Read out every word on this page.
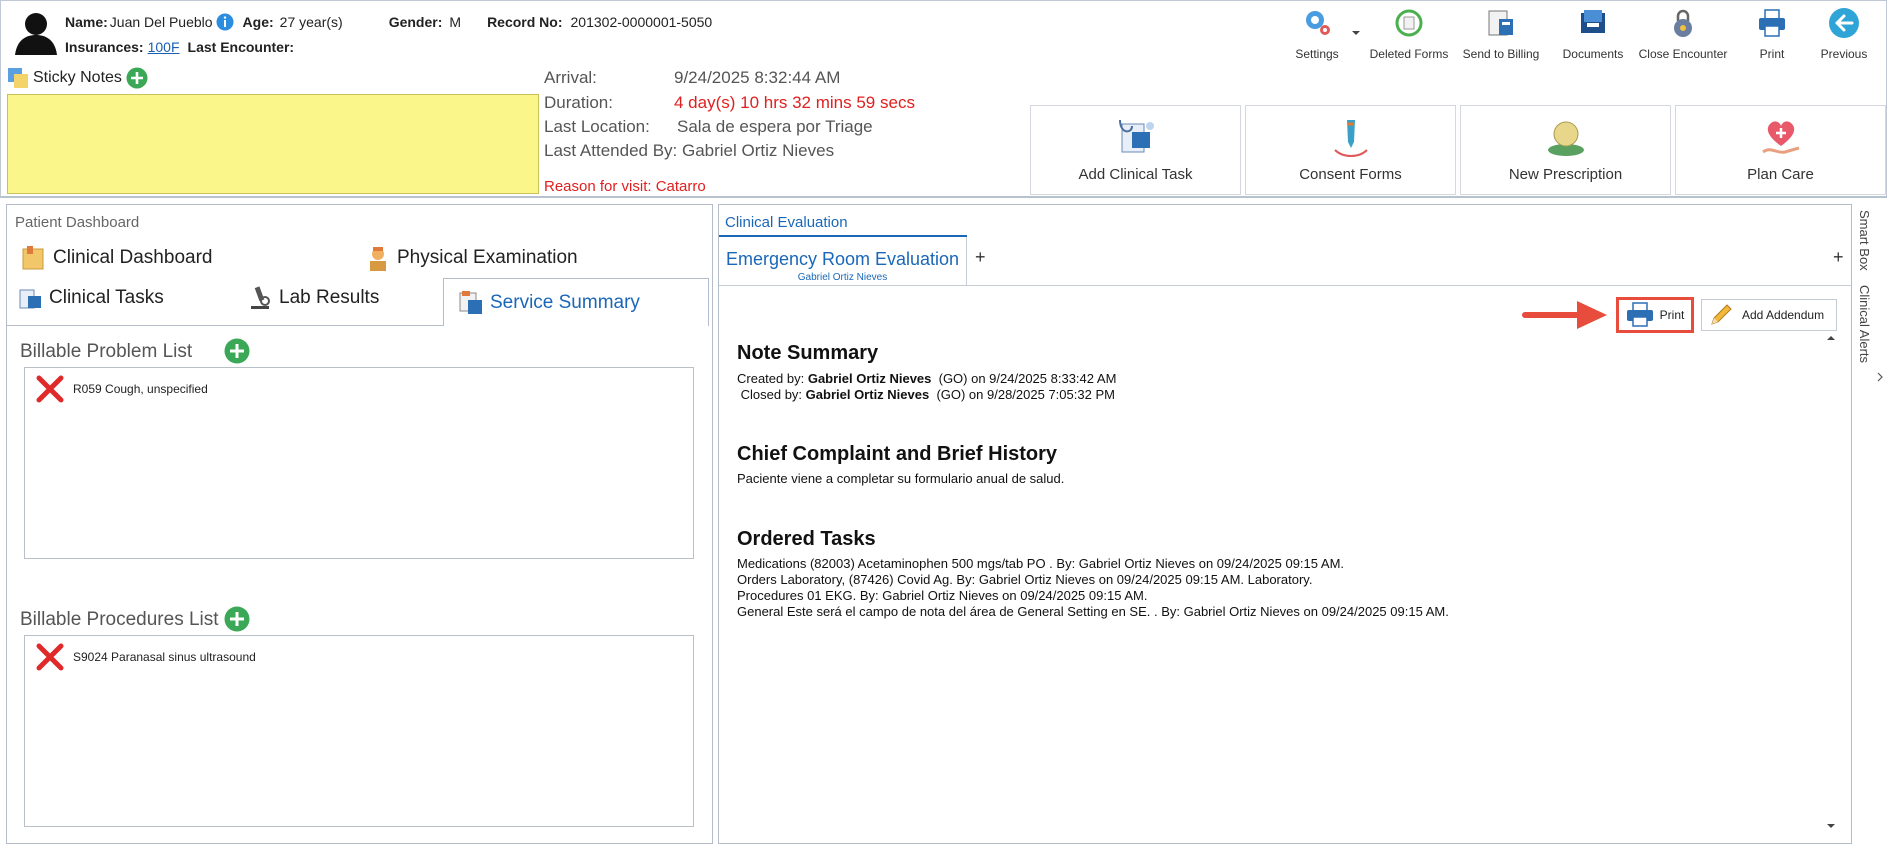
Name: Juan Del Pueblo Age: 27 year(s)	Gender: M Record No: 201302-0000001-5050
Insurances: 100F Last Encounter:	Settings	Deleted Forms	Send to Billing	Documents	Close Encounter	Print	Previous
Sticky Notes	Arrival:	9/24/2025 8:32:44 AM
Duration:	4 day(s) 10 hrs 32 mins 59 secs
Last Location: Sala de espera por Triage
Last Attended By: Gabriel Ortiz Nieves
Reason for visit: Catarro
Add Clinical Task	Consent Forms	New Prescription	Plan Care
Patient Dashboard
Clinical Dashboard	Physical Examination
Clinical Tasks	Lab Results	Service Summary
Billable Problem List
R059 Cough, unspecified
Billable Procedures List
S9024 Paranasal sinus ultrasound
Clinical Evaluation
Emergency Room Evaluation
Gabriel Ortiz Nieves
+	+
Print	Add Addendum
Note Summary
Created by: Gabriel Ortiz Nieves  (GO) on 9/24/2025 8:33:42 AM
Closed by: Gabriel Ortiz Nieves  (GO) on 9/28/2025 7:05:32 PM
Chief Complaint and Brief History
Paciente viene a completar su formulario anual de salud.
Ordered Tasks
Medications (82003) Acetaminophen 500 mgs/tab PO . By: Gabriel Ortiz Nieves on 09/24/2025 09:15 AM.
Orders Laboratory, (87426) Covid Ag. By: Gabriel Ortiz Nieves on 09/24/2025 09:15 AM. Laboratory.
Procedures 01 EKG. By: Gabriel Ortiz Nieves on 09/24/2025 09:15 AM.
General Este será el campo de nota del área de General Setting en SE. . By: Gabriel Ortiz Nieves on 09/24/2025 09:15 AM.
Smart Box
Clinical Alerts
